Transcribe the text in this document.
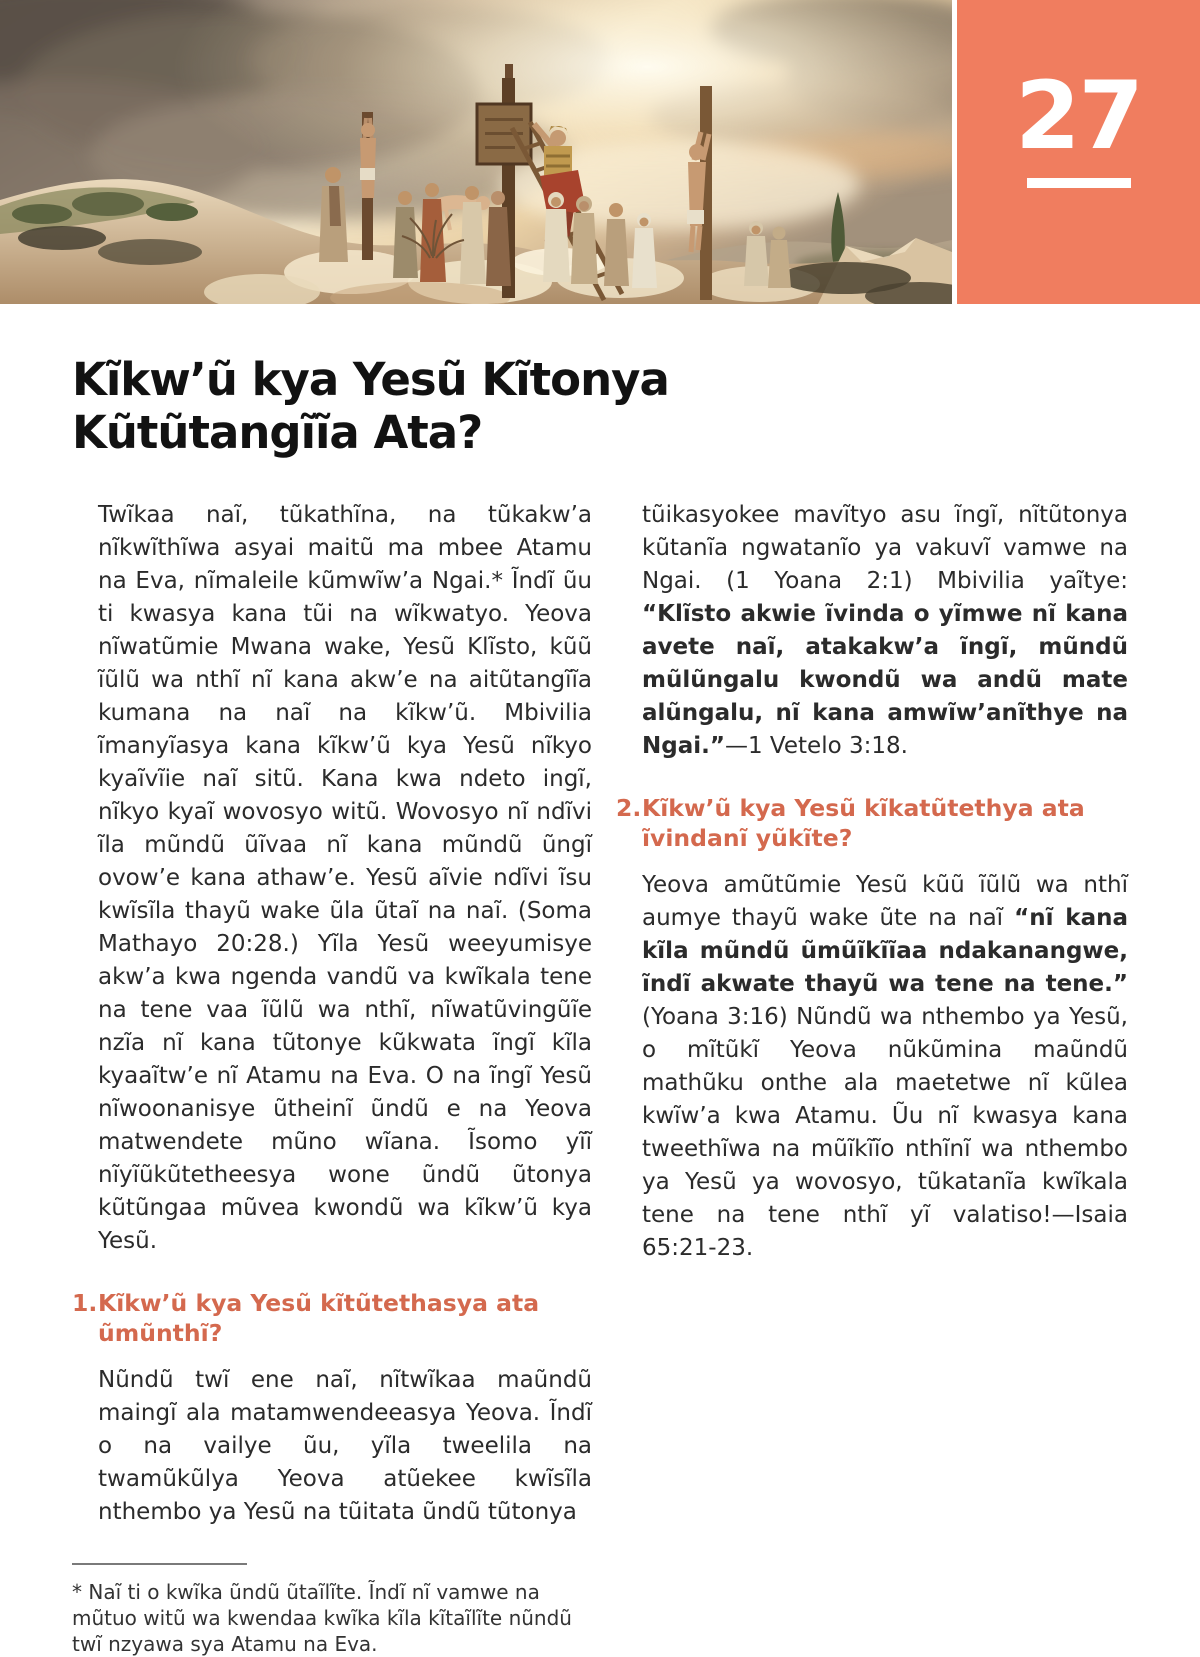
27
Kĩkw’ũ kya Yesũ Kĩtonya
Kũtũtangĩĩa Ata?

Twĩkaa naĩ, tũkathĩna, na tũkakw’a nĩkwĩthĩwa asyai maitũ ma mbee Atamu na Eva, nĩmaleile kũmwĩw’a Ngai.* Ĩndĩ ũu ti kwasya kana tũi na wĩkwatyo. Yeova nĩwatũmie Mwana wake, Yesũ Klĩsto, kũũ ĩũlũ wa nthĩ nĩ kana akw’e na aitũtangĩĩa kumana na naĩ na kĩkw’ũ. Mbivilia ĩmanyĩasya kana kĩkw’ũ kya Yesũ nĩkyo kyaĩvĩie naĩ sitũ. Kana kwa ndeto ingĩ, nĩkyo kyaĩ wovosyo witũ. Wovosyo nĩ ndĩvi ĩla mũndũ ũĩvaa nĩ kana mũndũ ũngĩ ovow’e kana athaw’e. Yesũ aĩvie ndĩvi ĩsu kwĩsĩla thayũ wake ũla ũtaĩ na naĩ. (Soma Mathayo 20:28.) Yĩla Yesũ weeyumisye akw’a kwa ngenda vandũ va kwĩkala tene na tene vaa ĩũlũ wa nthĩ, nĩwatũvingũĩe nzĩa nĩ kana tũtonye kũkwata ĩngĩ kĩla kyaaĩtw’e nĩ Atamu na Eva. O na ĩngĩ Yesũ nĩwoonanisye ũtheinĩ ũndũ e na Yeova matwendete mũno wĩana. Ĩsomo yĩĩ nĩyĩũkũtetheesya wone ũndũ ũtonya kũtũngaa mũvea kwondũ wa kĩkw’ũ kya Yesũ.

1.Kĩkw’ũ kya Yesũ kĩtũtethasya ata ũmũnthĩ?

Nũndũ twĩ ene naĩ, nĩtwĩkaa maũndũ maingĩ ala matamwendeeasya Yeova. Ĩndĩ o na vailye ũu, yĩla tweelila na twamũkũlya Yeova atũekee kwĩsĩla nthembo ya Yesũ na tũitata ũndũ tũtonya

* Naĩ ti o kwĩka ũndũ ũtaĩlĩte. Ĩndĩ nĩ vamwe na mũtuo witũ wa kwendaa kwĩka kĩla kĩtaĩlĩte nũndũ twĩ nzyawa sya Atamu na Eva.

tũikasyokee mavĩtyo asu ĩngĩ, nĩtũtonya kũtanĩa ngwatanĩo ya vakuvĩ vamwe na Ngai. (1 Yoana 2:1) Mbivilia yaĩtye: “Klĩsto akwie ĩvinda o yĩmwe nĩ kana avete naĩ, atakakw’a ĩngĩ, mũndũ mũlũngalu kwondũ wa andũ mate alũngalu, nĩ kana amwĩw’anĩthye na Ngai.”—1 Vetelo 3:18.

2.Kĩkw’ũ kya Yesũ kĩkatũtethya ata ĩvindanĩ yũkĩte?

Yeova amũtũmie Yesũ kũũ ĩũlũ wa nthĩ aumye thayũ wake ũte na naĩ “nĩ kana kĩla mũndũ ũmũĩkĩĩaa ndakanangwe, ĩndĩ akwate thayũ wa tene na tene.” (Yoana 3:16) Nũndũ wa nthembo ya Yesũ, o mĩtũkĩ Yeova nũkũmina maũndũ mathũku onthe ala maetetwe nĩ kũlea kwĩw’a kwa Atamu. Ũu nĩ kwasya kana tweethĩwa na mũĩkĩĩo nthĩnĩ wa nthembo ya Yesũ ya wovosyo, tũkatanĩa kwĩkala tene na tene nthĩ yĩ valatiso!—Isaia 65:21-23.
